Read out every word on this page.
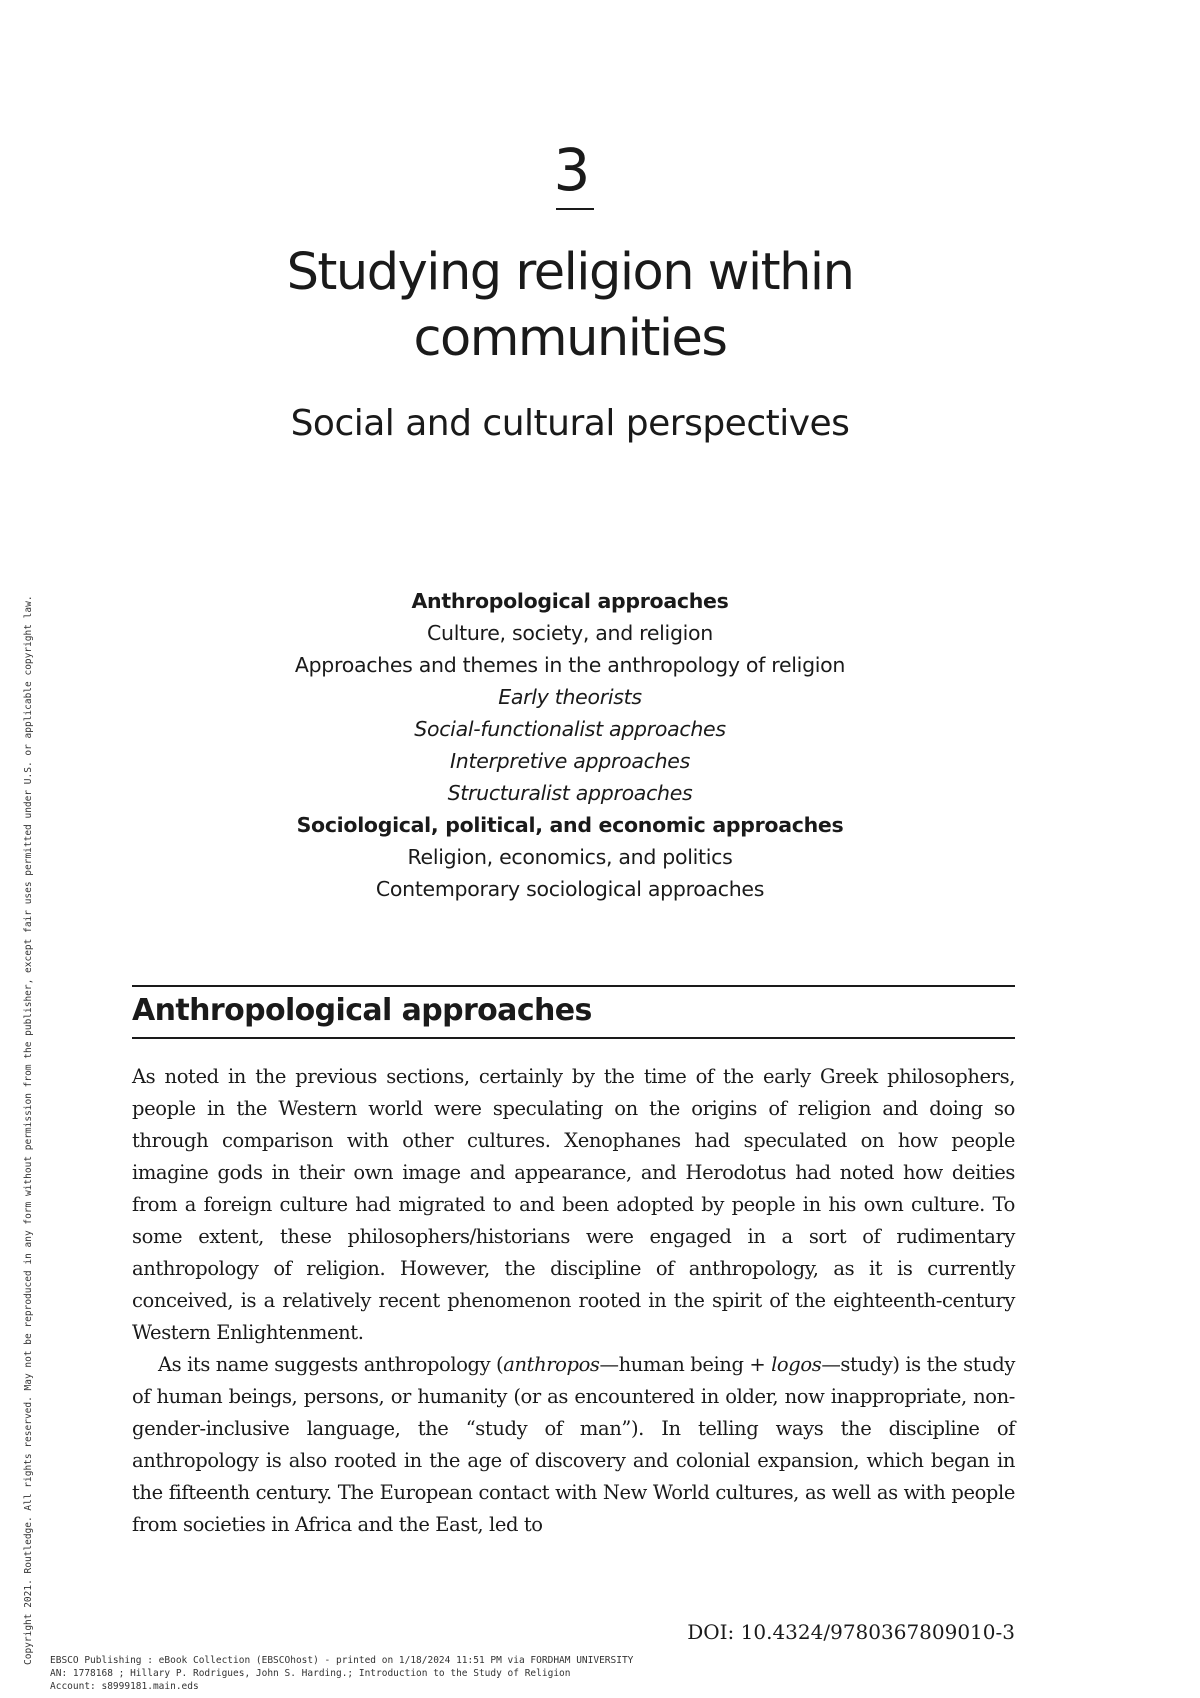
3
Studying religion within communities
Social and cultural perspectives
Anthropological approaches
Culture, society, and religion
Approaches and themes in the anthropology of religion
Early theorists
Social-functionalist approaches
Interpretive approaches
Structuralist approaches
Sociological, political, and economic approaches
Religion, economics, and politics
Contemporary sociological approaches
Anthropological approaches

As noted in the previous sections, certainly by the time of the early Greek philosophers, people in the Western world were speculating on the origins of religion and doing so through comparison with other cultures. Xenophanes had speculated on how people imagine gods in their own image and appearance, and Herodotus had noted how deities from a foreign culture had migrated to and been adopted by people in his own culture. To some extent, these philosophers/historians were engaged in a sort of rudimentary anthropology of religion. However, the discipline of anthropology, as it is currently conceived, is a relatively recent phenomenon rooted in the spirit of the eighteenth-century Western Enlightenment.

As its name suggests anthropology (anthropos—human being + logos—study) is the study of human beings, persons, or humanity (or as encountered in older, now inappropriate, non-gender-inclusive language, the “study of man”). In telling ways the discipline of anthropology is also rooted in the age of discovery and colonial expansion, which began in the fifteenth century. The European contact with New World cultures, as well as with people from societies in Africa and the East, led to

DOI: 10.4324/9780367809010-3
Copyright 2021. Routledge. All rights reserved. May not be reproduced in any form without permission from the publisher, except fair uses permitted under U.S. or applicable copyright law. EBSCO Publishing : eBook Collection (EBSCOhost) - printed on 1/18/2024 11:51 PM via FORDHAM UNIVERSITY
AN: 1778168 ; Hillary P. Rodrigues, John S. Harding.; Introduction to the Study of Religion
Account: s8999181.main.eds
